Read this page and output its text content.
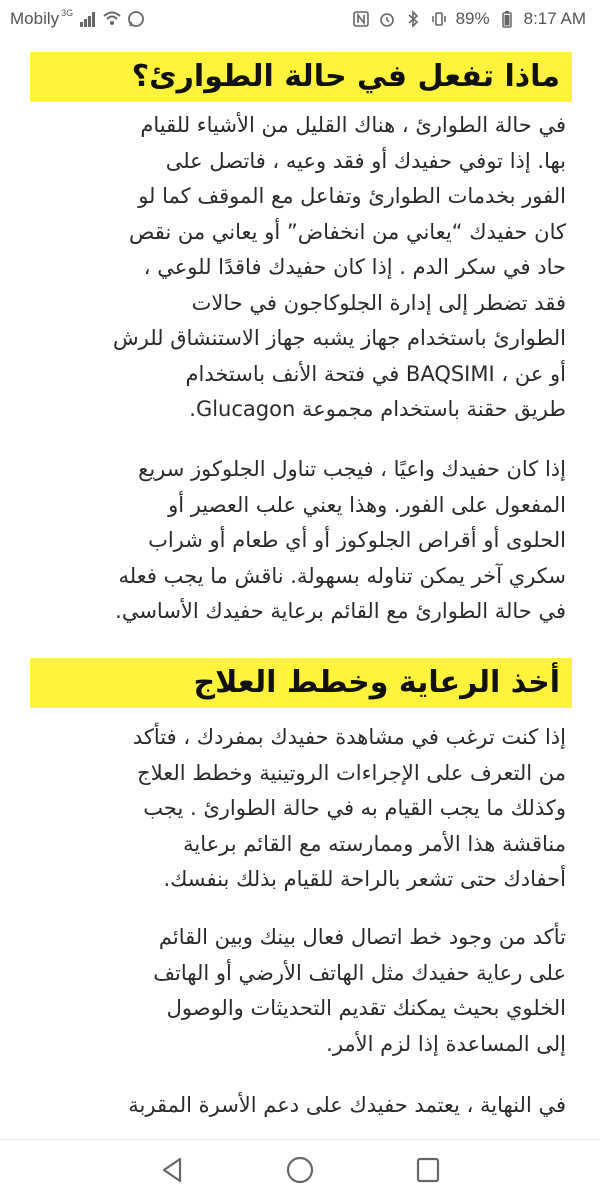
Mobily 3G	89% 8:17 AM
ماذا تفعل في حالة الطوارئ؟
في حالة الطوارئ ، هناك القليل من الأشياء للقيام
بها. إذا توفي حفيدك أو فقد وعيه ، فاتصل على
الفور بخدمات الطوارئ وتفاعل مع الموقف كما لو
كان حفيدك “يعاني من انخفاض” أو يعاني من نقص
حاد في سكر الدم . إذا كان حفيدك فاقدًا للوعي ،
فقد تضطر إلى إدارة الجلوكاجون في حالات
الطوارئ باستخدام جهاز يشبه جهاز الاستنشاق للرش
أو عن ، BAQSIMI في فتحة الأنف باستخدام
طريق حقنة باستخدام مجموعة Glucagon.
إذا كان حفيدك واعيًا ، فيجب تناول الجلوكوز سريع
المفعول على الفور. وهذا يعني علب العصير أو
الحلوى أو أقراص الجلوكوز أو أي طعام أو شراب
سكري آخر يمكن تناوله بسهولة. ناقش ما يجب فعله
في حالة الطوارئ مع القائم برعاية حفيدك الأساسي.
أخذ الرعاية وخطط العلاج
إذا كنت ترغب في مشاهدة حفيدك بمفردك ، فتأكد
من التعرف على الإجراءات الروتينية وخطط العلاج
وكذلك ما يجب القيام به في حالة الطوارئ . يجب
مناقشة هذا الأمر وممارسته مع القائم برعاية
أحفادك حتى تشعر بالراحة للقيام بذلك بنفسك.
تأكد من وجود خط اتصال فعال بينك وبين القائم
على رعاية حفيدك مثل الهاتف الأرضي أو الهاتف
الخلوي بحيث يمكنك تقديم التحديثات والوصول
إلى المساعدة إذا لزم الأمر.
في النهاية ، يعتمد حفيدك على دعم الأسرة المقربة
